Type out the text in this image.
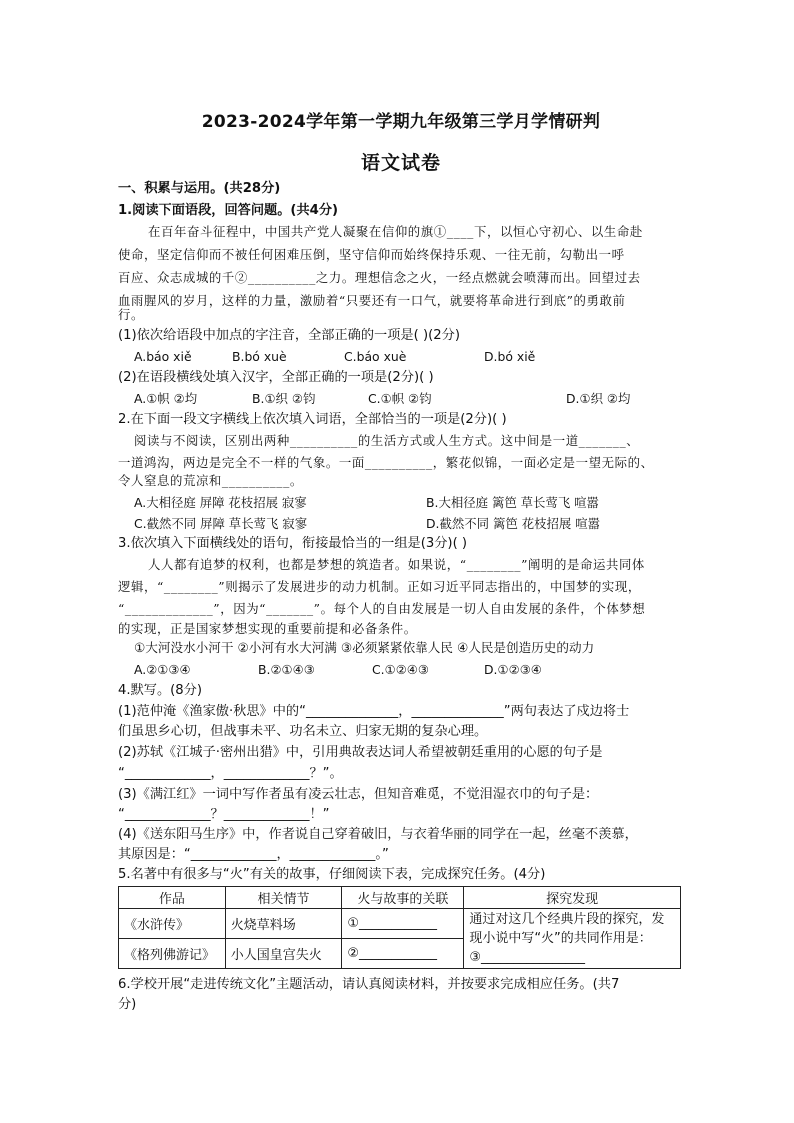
2023-2024学年第一学期九年级第三学月学情研判
语文试卷
一、积累与运用。(共28分)
1.阅读下面语段，回答问题。(共4分)
在百年奋斗征程中，中国共产党人凝聚在信仰的旗①____下，以恒心守初心、以生命赴
使命，坚定信仰而不被任何困难压倒，坚守信仰而始终保持乐观、一往无前，勾勒出一呼
百应、众志成城的千②__________之力。理想信念之火，一经点燃就会喷薄而出。回望过去
血雨腥风的岁月，这样的力量，激励着“只要还有一口气，就要将革命进行到底”的勇敢前
行。
(1)依次给语段中加点的字注音，全部正确的一项是( )(2分)
A.báo xiě	B.bó xuè	C.báo xuè	D.bó xiě
(2)在语段横线处填入汉字，全部正确的一项是(2分)( )
A.①帜 ②均	B.①织 ②钧	C.①帜 ②钧	D.①织 ②均
2.在下面一段文字横线上依次填入词语，全部恰当的一项是(2分)( )
阅读与不阅读，区别出两种__________的生活方式或人生方式。这中间是一道_______、
一道鸿沟，两边是完全不一样的气象。一面__________，繁花似锦，一面必定是一望无际的、
令人窒息的荒凉和__________。
A.大相径庭 屏障 花枝招展 寂寥	B.大相径庭 篱笆 草长莺飞 喧嚣
C.截然不同 屏障 草长莺飞 寂寥	D.截然不同 篱笆 花枝招展 喧嚣
3.依次填入下面横线处的语句，衔接最恰当的一组是(3分)( )
人人都有追梦的权利，也都是梦想的筑造者。如果说，“________”阐明的是命运共同体
逻辑，“________”则揭示了发展进步的动力机制。正如习近平同志指出的，中国梦的实现，
“_____________”，因为“_______”。每个人的自由发展是一切人自由发展的条件，个体梦想
的实现，正是国家梦想实现的重要前提和必备条件。
①大河没水小河干 ②小河有水大河满 ③必须紧紧依靠人民 ④人民是创造历史的动力
A.②①③④	B.②①④③	C.①②④③	D.①②③④
4.默写。(8分)
(1)范仲淹《渔家傲·秋思》中的“______________，______________”两句表达了戍边将士
们虽思乡心切，但战事未平、功名未立、归家无期的复杂心理。
(2)苏轼《江城子·密州出猎》中，引用典故表达词人希望被朝廷重用的心愿的句子是
“_____________，_____________？”。
(3)《满江红》一词中写作者虽有凌云壮志，但知音难觅，不觉泪湿衣巾的句子是：
“_____________？_____________！”
(4)《送东阳马生序》中，作者说自己穿着破旧，与衣着华丽的同学在一起，丝毫不羡慕，
其原因是：“_____________，_____________。”
5.名著中有很多与“火”有关的故事，仔细阅读下表，完成探究任务。(4分)
作品	相关情节	火与故事的关联	探究发现
《水浒传》	火烧草料场	①____________	通过对这几个经典片段的探究，发现小说中写“火”的共同作用是：③________________
《格列佛游记》	小人国皇宫失火	②____________	
6.学校开展“走进传统文化”主题活动，请认真阅读材料，并按要求完成相应任务。(共7
分)
